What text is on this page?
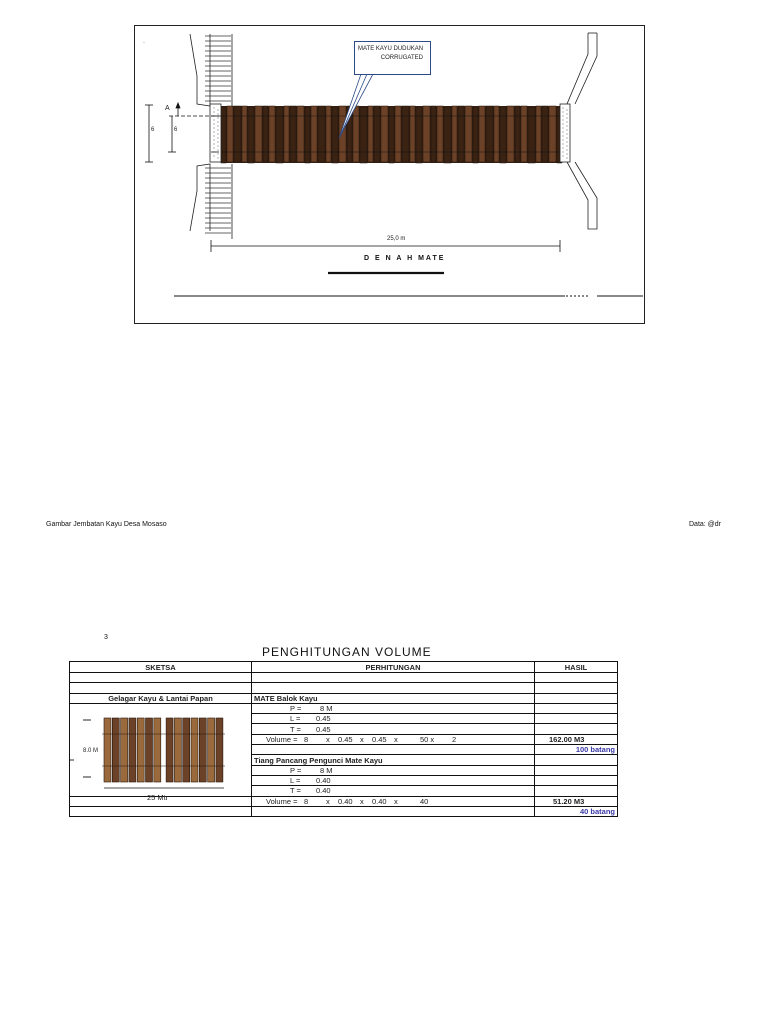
MATE KAYU DUDUKAN
CORRUGATED
·
A
6	6
25,0 m
D E N A H MATE
Gambar Jembatan Kayu Desa Mosaso	Data: @dr
3
PENGHITUNGAN VOLUME
SKETSA	PERHITUNGAN	HASIL

Gelagar Kayu & Lantai Papan	MATE Balok Kayu	
	P = 8 M	
	L = 0.45	
	T = 0.45	
	Volume = 8 x 0.45 x 0.45 x 50 x 2	162.00 M3
		100 batang
	Tiang Pancang Pengunci Mate Kayu	
	P = 8 M	
	L = 0.40	
	T = 0.40	
	Volume = 8 x 0.40 x 0.40 x 40	51.20 M3
		40 batang
8.0 M
25 Mtr
